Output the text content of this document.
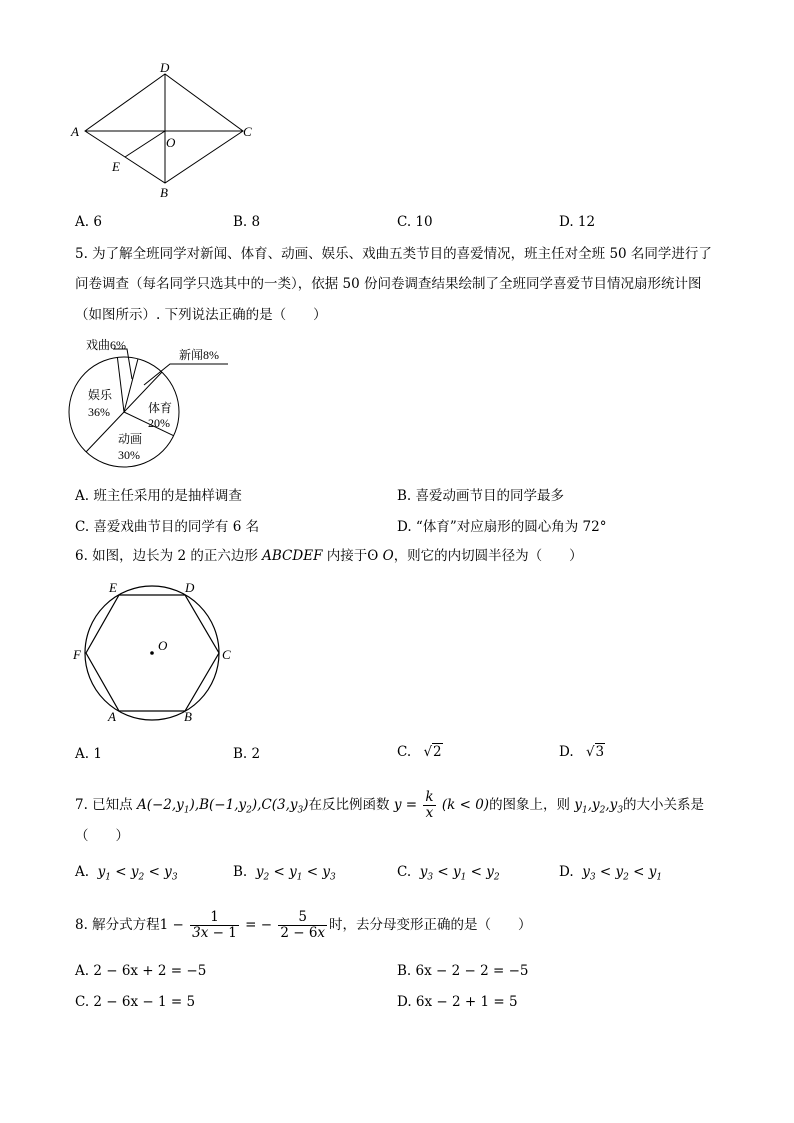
D
A	C
O
E
B
A. 6	B. 8	C. 10	D. 12
5. 为了解全班同学对新闻、体育、动画、娱乐、戏曲五类节目的喜爱情况，班主任对全班 50 名同学进行了
问卷调查（每名同学只选其中的一类），依据 50 份问卷调查结果绘制了全班同学喜爱节目情况扇形统计图
（如图所示）. 下列说法正确的是（　　）
戏曲6%
新闻8%
体育
20%
动画
30%
娱乐
36%
A. 班主任采用的是抽样调查	B. 喜爱动画节目的同学最多
C. 喜爱戏曲节目的同学有 6 名	D. “体育”对应扇形的圆心角为 72°
6. 如图，边长为 2 的正六边形 ABCDEF 内接于ʘ O，则它的内切圆半径为（　　）
E	D
F	C
O
A	B
A. 1	B. 2	C. √2	D. √3
7. 已知点 $A(-2,y_1),B(-1,y_2),C(3,y_3)$在反比例函数 $y = \frac{k}{x} (k < 0)$的图象上，则 $y_1,y_2,y_3$的大小关系是
（　　）
A. $y_1 < y_2 < y_3$	B. $y_2 < y_1 < y_3$	C. $y_3 < y_1 < y_2$	D. $y_3 < y_2 < y_1$
8. 解分式方程$1 - \frac{1}{3x - 1}$ = − $\frac{5}{2 - 6x}$ 时，去分母变形正确的是（　　）
A. 2 − 6x + 2 = −5	B. 6x − 2 − 2 = −5
C. 2 − 6x − 1 = 5	D. 6x − 2 + 1 = 5
